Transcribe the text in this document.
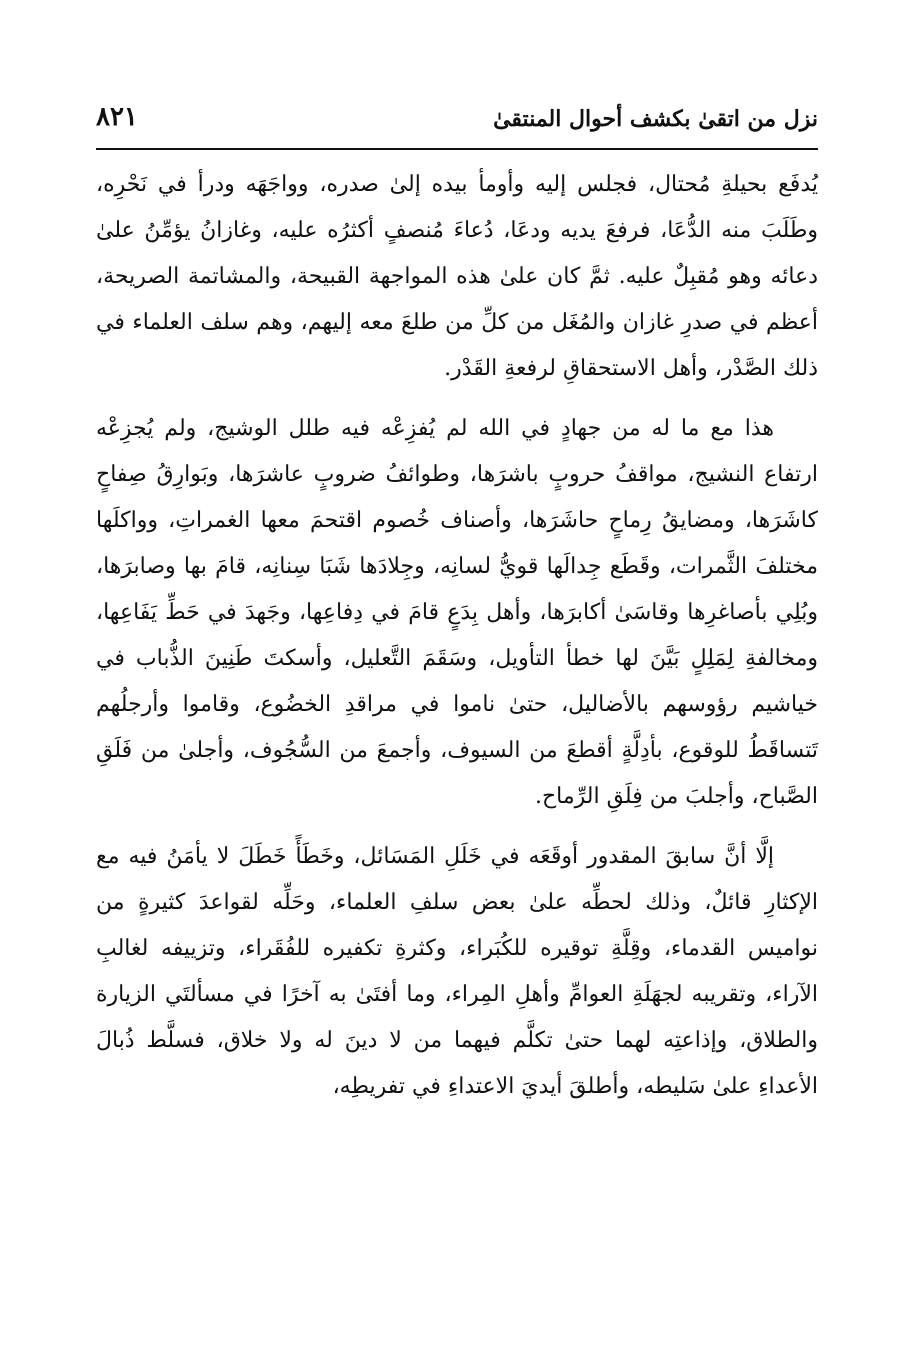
نزل من اتقىٰ بكشف أحوال المنتقىٰ
٨٢١

يُدفَع بحيلةِ مُحتال، فجلس إليه وأومأ بيده إلىٰ صدره، وواجَهَه ودرأ في نَحْرِه، وطَلَبَ منه الدُّعَا، فرفعَ يديه ودعَا، دُعاءَ مُنصفٍ أكثرُه عليه، وغازانُ يؤمِّنُ علىٰ دعائه وهو مُقبِلٌ عليه. ثمَّ كان علىٰ هذه المواجهة القبيحة، والمشاتمة الصريحة، أعظم في صدرِ غازان والمُغَل من كلِّ من طلعَ معه إليهم، وهم سلف العلماء في ذلك الصَّدْر، وأهل الاستحقاقِ لرفعةِ القَدْر.

هذا مع ما له من جهادٍ في الله لم يُفزِعْه فيه طلل الوشيج، ولم يُجزِعْه ارتفاع النشيج، مواقفُ حروبٍ باشرَها، وطوائفُ ضروبٍ عاشرَها، وبَوارِقُ صِفاحٍ كاشَرَها، ومضايقُ رِماحٍ حاشَرَها، وأصناف خُصوم اقتحمَ معها الغمراتِ، وواكلَها مختلفَ الثَّمرات، وقَطَع جِدالَها قويُّ لسانِه، وجِلادَها شَبَا سِنانِه، قامَ بها وصابرَها، وبُلِي بأصاغرِها وقاسَىٰ أكابرَها، وأهل بِدَعٍ قامَ في دِفاعِها، وجَهدَ في حَطِّ يَفَاعِها، ومخالفةِ لِمَلِلٍ بَيَّنَ لها خطأ التأويل، وسَقَمَ التَّعليل، وأسكتَ طَنِينَ الذُّباب في خياشيم رؤوسهم بالأضاليل، حتىٰ ناموا في مراقدِ الخضُوع، وقاموا وأرجلُهم تَتساقَطُ للوقوع، بأدِلَّةٍ أقطعَ من السيوف، وأجمعَ من السُّجُوف، وأجلىٰ من فَلَقِ الصَّباح، وأجلبَ من فِلَقِ الرِّماح.

إلَّا أنَّ سابقَ المقدور أوقَعَه في خَلَلِ المَسَائل، وخَطَأً خَطَلَ لا يأمَنُ فيه مع الإكثارِ قائلٌ، وذلك لحطِّه علىٰ بعض سلفِ العلماء، وحَلِّه لقواعدَ كثيرةٍ من نواميس القدماء، وقِلَّةِ توقيره للكُبَراء، وكثرةِ تكفيره للفُقَراء، وتزييفه لغالبِ الآراء، وتقريبه لجهَلَةِ العوامِّ وأهلِ المِراء، وما أفتَىٰ به آخرًا في مسألتَي الزيارة والطلاق، وإذاعتِه لهما حتىٰ تكلَّم فيهما من لا دينَ له ولا خلاق، فسلَّط ذُبالَ الأعداءِ علىٰ سَليطه، وأطلقَ أيديَ الاعتداءِ في تفريطِه،
